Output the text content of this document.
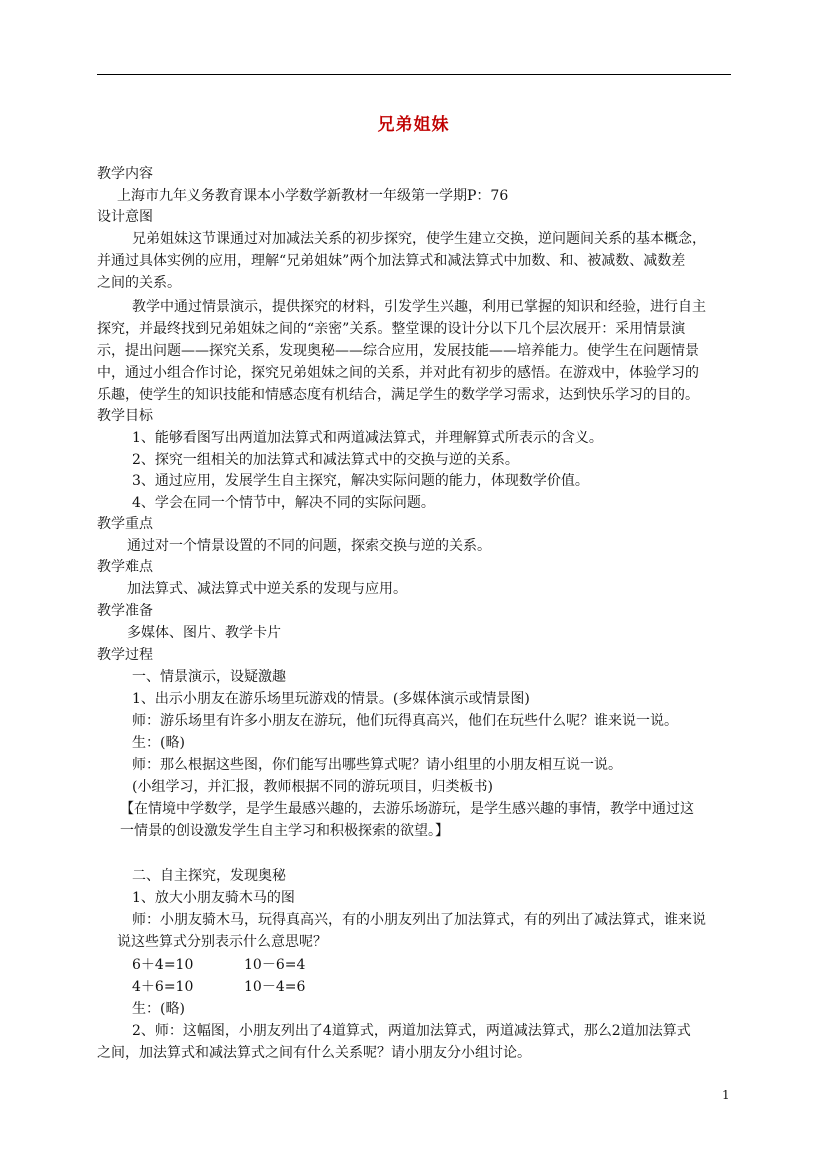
兄弟姐妹
教学内容
上海市九年义务教育课本小学数学新教材一年级第一学期P：76
设计意图
兄弟姐妹这节课通过对加减法关系的初步探究，使学生建立交换，逆问题间关系的基本概念，
并通过具体实例的应用，理解“兄弟姐妹”两个加法算式和减法算式中加数、和、被减数、减数差
之间的关系。
教学中通过情景演示，提供探究的材料，引发学生兴趣，利用已掌握的知识和经验，进行自主
探究，并最终找到兄弟姐妹之间的“亲密”关系。整堂课的设计分以下几个层次展开：采用情景演
示，提出问题——探究关系，发现奥秘——综合应用，发展技能——培养能力。使学生在问题情景
中，通过小组合作讨论，探究兄弟姐妹之间的关系，并对此有初步的感悟。在游戏中，体验学习的
乐趣，使学生的知识技能和情感态度有机结合，满足学生的数学学习需求，达到快乐学习的目的。
教学目标
1、能够看图写出两道加法算式和两道减法算式，并理解算式所表示的含义。
2、探究一组相关的加法算式和减法算式中的交换与逆的关系。
3、通过应用，发展学生自主探究，解决实际问题的能力，体现数学价值。
4、学会在同一个情节中，解决不同的实际问题。
教学重点
通过对一个情景设置的不同的问题，探索交换与逆的关系。
教学难点
加法算式、减法算式中逆关系的发现与应用。
教学准备
多媒体、图片、教学卡片
教学过程
一、情景演示，设疑激趣
1、出示小朋友在游乐场里玩游戏的情景。(多媒体演示或情景图)
师：游乐场里有许多小朋友在游玩，他们玩得真高兴，他们在玩些什么呢？谁来说一说。
生：(略)
师：那么根据这些图，你们能写出哪些算式呢？请小组里的小朋友相互说一说。
(小组学习，并汇报，教师根据不同的游玩项目，归类板书)
【在情境中学数学，是学生最感兴趣的，去游乐场游玩，是学生感兴趣的事情，教学中通过这
一情景的创设激发学生自主学习和积极探索的欲望。】
二、自主探究，发现奥秘
1、放大小朋友骑木马的图
师：小朋友骑木马，玩得真高兴，有的小朋友列出了加法算式，有的列出了减法算式，谁来说
说这些算式分别表示什么意思呢？
6＋4=10	10－6=4
4＋6=10	10－4=6
生：(略)
2、师：这幅图，小朋友列出了4道算式，两道加法算式，两道减法算式，那么2道加法算式
之间，加法算式和减法算式之间有什么关系呢？请小朋友分小组讨论。
1
